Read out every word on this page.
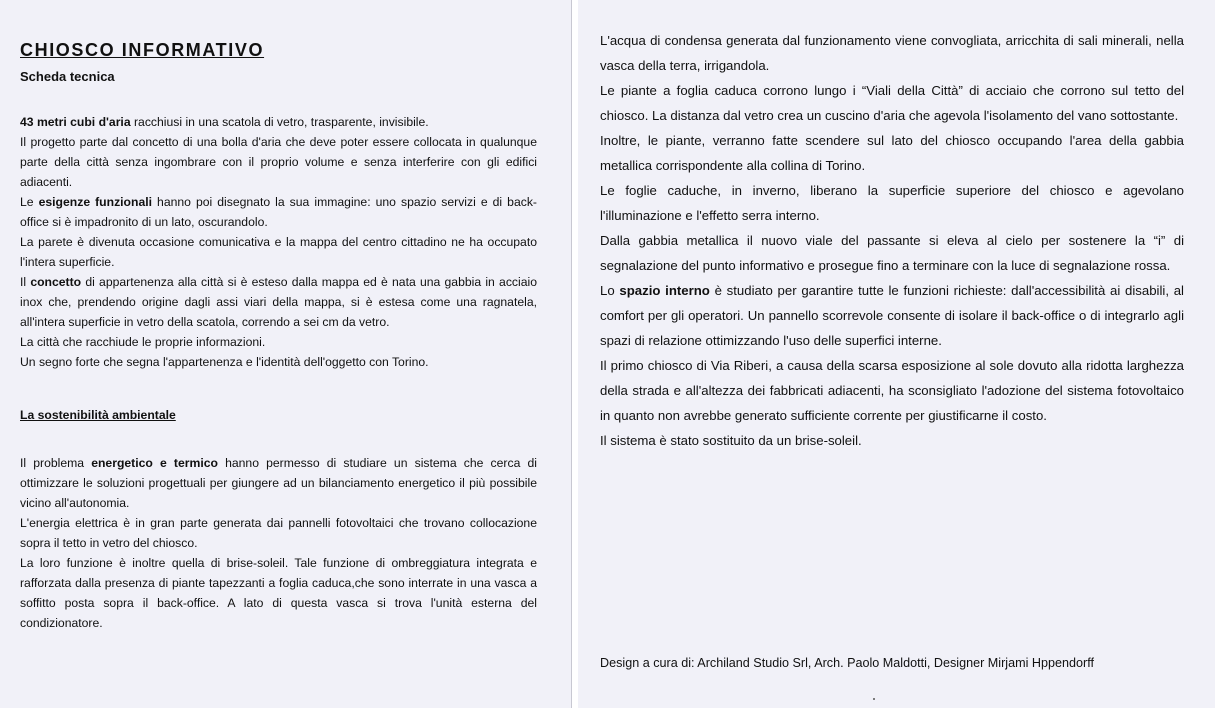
CHIOSCO INFORMATIVO
Scheda tecnica

43 metri cubi d'aria racchiusi in una scatola di vetro, trasparente, invisibile.

Il progetto parte dal concetto di una bolla d'aria che deve poter essere collocata in qualunque parte della città senza ingombrare con il proprio volume e senza interferire con gli edifici adiacenti.

Le esigenze funzionali hanno poi disegnato la sua immagine: uno spazio servizi e di back-office si è impadronito di un lato, oscurandolo.

La parete è divenuta occasione comunicativa e la mappa del centro cittadino ne ha occupato l'intera superficie.

Il concetto di appartenenza alla città si è esteso dalla mappa ed è nata una gabbia in acciaio inox che, prendendo origine dagli assi viari della mappa, si è estesa come una ragnatela, all'intera superficie in vetro della scatola, correndo a sei cm da vetro.

La città che racchiude le proprie informazioni.

Un segno forte che segna l'appartenenza e l'identità dell'oggetto con Torino.

La sostenibilità ambientale

Il problema energetico e termico hanno permesso di studiare un sistema che cerca di ottimizzare le soluzioni progettuali per giungere ad un bilanciamento energetico il più possibile vicino all'autonomia.

L'energia elettrica è in gran parte generata dai pannelli fotovoltaici che trovano collocazione sopra il tetto in vetro del chiosco.

La loro funzione è inoltre quella di brise-soleil. Tale funzione di ombreggiatura integrata e rafforzata dalla presenza di piante tapezzanti a foglia caduca,che sono interrate in una vasca a soffitto posta sopra il back-office. A lato di questa vasca si trova l'unità esterna del condizionatore.

L'acqua di condensa generata dal funzionamento viene convogliata, arricchita di sali minerali, nella vasca della terra, irrigandola.

Le piante a foglia caduca corrono lungo i “Viali della Città” di acciaio che corrono sul tetto del chiosco. La distanza dal vetro crea un cuscino d'aria che agevola l'isolamento del vano sottostante.

Inoltre, le piante, verranno fatte scendere sul lato del chiosco occupando l'area della gabbia metallica corrispondente alla collina di Torino.

Le foglie caduche, in inverno, liberano la superficie superiore del chiosco e agevolano l'illuminazione e l'effetto serra interno.

Dalla gabbia metallica il nuovo viale del passante si eleva al cielo per sostenere la “i” di segnalazione del punto informativo e prosegue fino a terminare con la luce di segnalazione rossa.

Lo spazio interno è studiato per garantire tutte le funzioni richieste: dall'accessibilità ai disabili, al comfort per gli operatori. Un pannello scorrevole consente di isolare il back-office o di integrarlo agli spazi di relazione ottimizzando l'uso delle superfici interne.

Il primo chiosco di Via Riberi, a causa della scarsa esposizione al sole dovuto alla ridotta larghezza della strada e all'altezza dei fabbricati adiacenti, ha sconsigliato l'adozione del sistema fotovoltaico in quanto non avrebbe generato sufficiente corrente per giustificarne il costo.

Il sistema è stato sostituito da un brise-soleil.

Design a cura di: Archiland Studio Srl, Arch. Paolo Maldotti, Designer Mirjami Hppendorff
